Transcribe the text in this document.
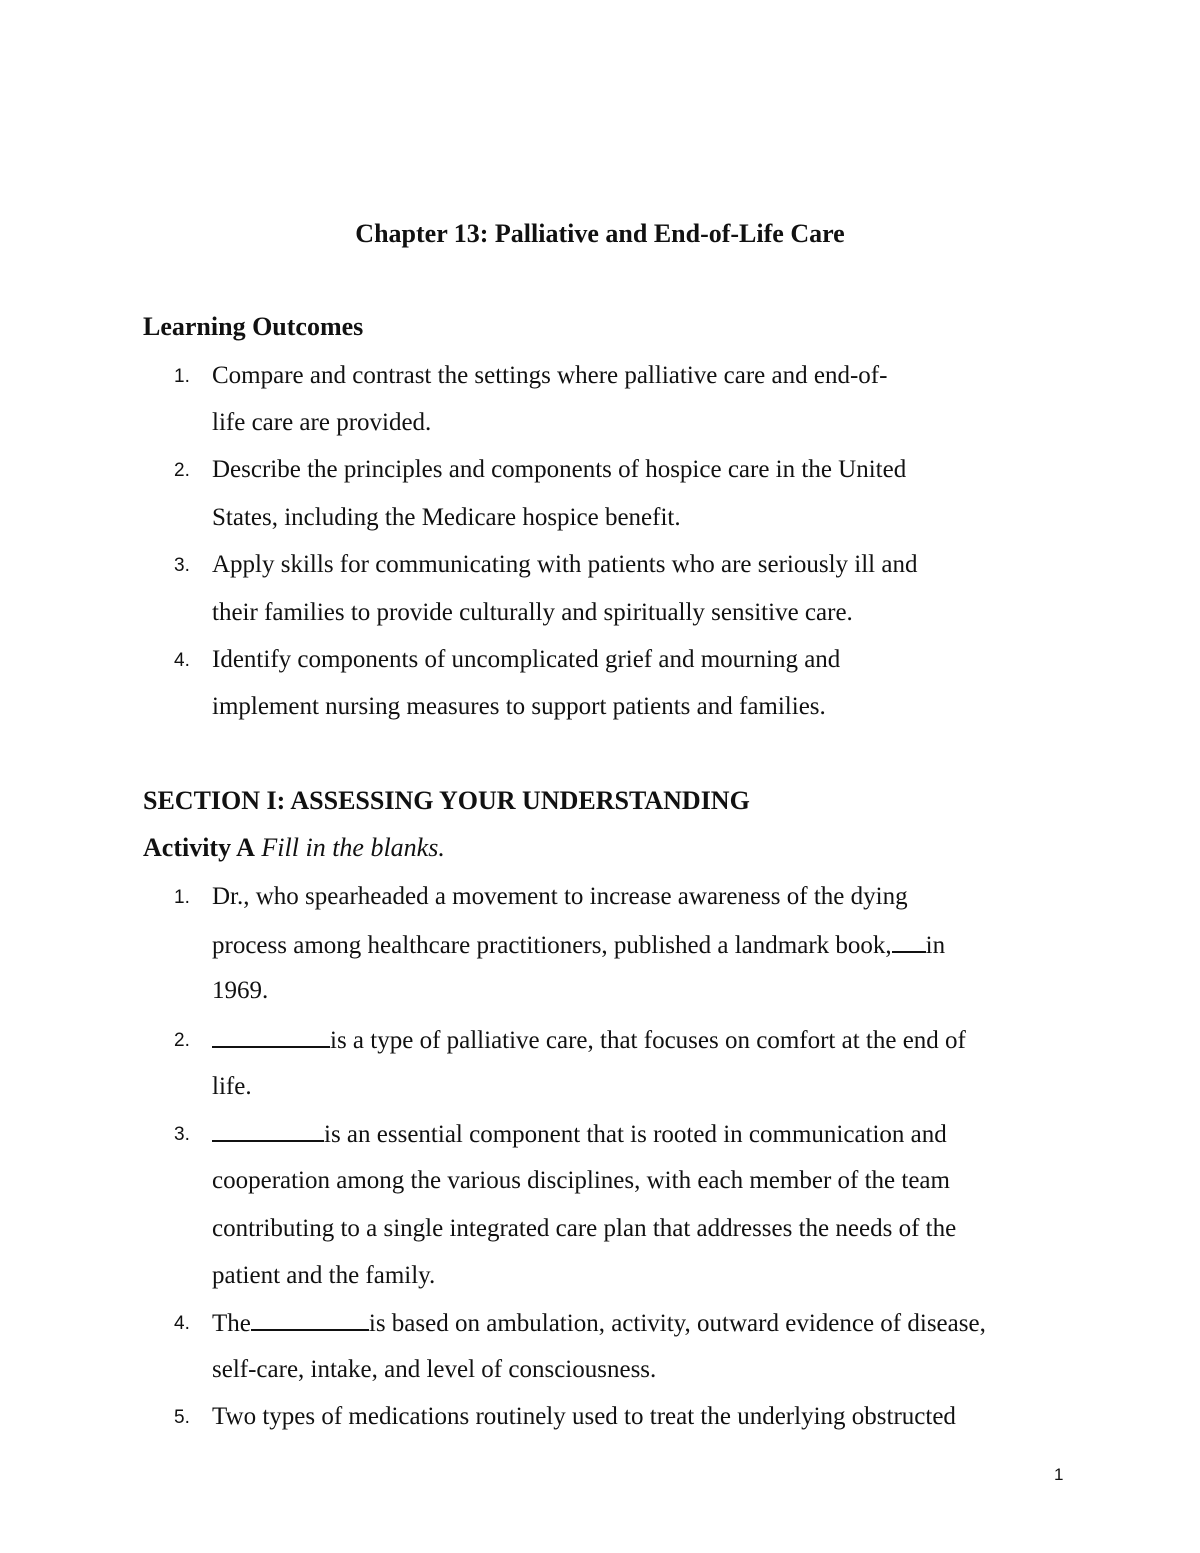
Chapter 13: Palliative and End-of-Life Care
Learning Outcomes
1. Compare and contrast the settings where palliative care and end-of-
life care are provided.
2. Describe the principles and components of hospice care in the United
States, including the Medicare hospice benefit.
3. Apply skills for communicating with patients who are seriously ill and
their families to provide culturally and spiritually sensitive care.
4. Identify components of uncomplicated grief and mourning and
implement nursing measures to support patients and families.
SECTION I: ASSESSING YOUR UNDERSTANDING
Activity A Fill in the blanks.
1. Dr., who spearheaded a movement to increase awareness of the dying
process among healthcare practitioners, published a landmark book, in
1969.
2.	is a type of palliative care, that focuses on comfort at the end of
life.
3.	is an essential component that is rooted in communication and
cooperation among the various disciplines, with each member of the team
contributing to a single integrated care plan that addresses the needs of the
patient and the family.
4. The	is based on ambulation, activity, outward evidence of disease,
self-care, intake, and level of consciousness.
5. Two types of medications routinely used to treat the underlying obstructed
1
